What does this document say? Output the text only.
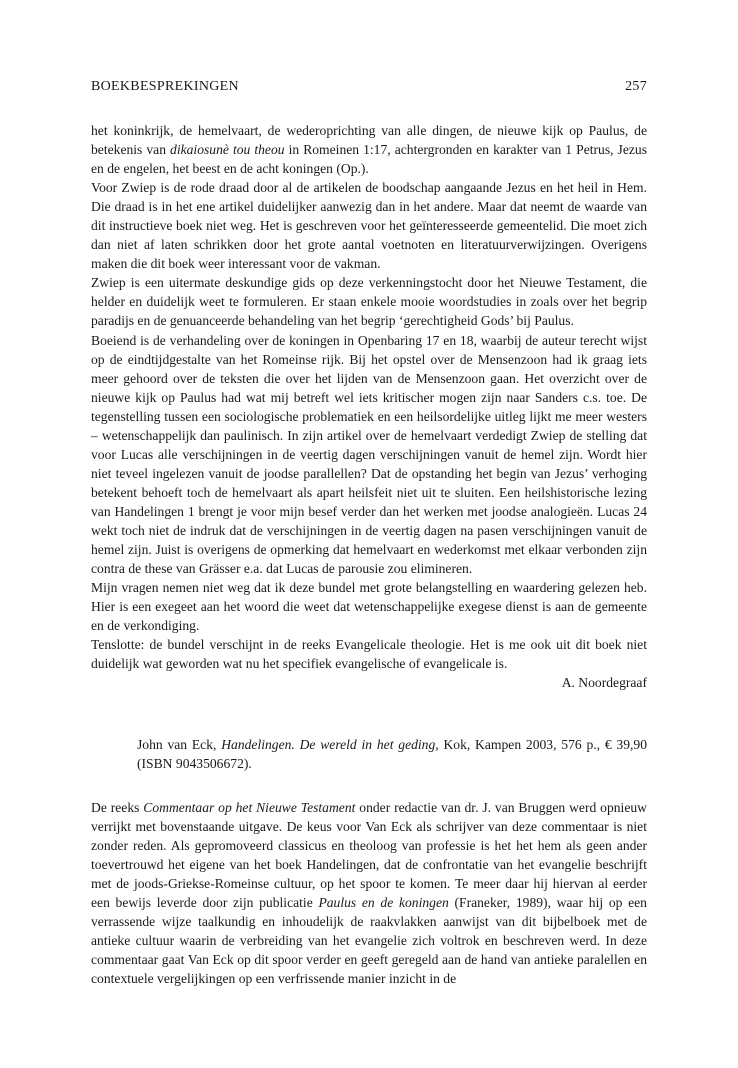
BOEKBESPREKINGEN	257

het koninkrijk, de hemelvaart, de wederoprichting van alle dingen, de nieuwe kijk op Paulus, de betekenis van dikaiosunè tou theou in Romeinen 1:17, achtergronden en karakter van 1 Petrus, Jezus en de engelen, het beest en de acht koningen (Op.).

Voor Zwiep is de rode draad door al de artikelen de boodschap aangaande Jezus en het heil in Hem. Die draad is in het ene artikel duidelijker aanwezig dan in het andere. Maar dat neemt de waarde van dit instructieve boek niet weg. Het is geschreven voor het geïnteresseerde gemeentelid. Die moet zich dan niet af laten schrikken door het grote aantal voetnoten en literatuurverwijzingen. Overigens maken die dit boek weer interessant voor de vakman.

Zwiep is een uitermate deskundige gids op deze verkenningstocht door het Nieuwe Testament, die helder en duidelijk weet te formuleren. Er staan enkele mooie woordstudies in zoals over het begrip paradijs en de genuanceerde behandeling van het begrip ‘gerechtigheid Gods’ bij Paulus.

Boeiend is de verhandeling over de koningen in Openbaring 17 en 18, waarbij de auteur terecht wijst op de eindtijdgestalte van het Romeinse rijk. Bij het opstel over de Mensenzoon had ik graag iets meer gehoord over de teksten die over het lijden van de Mensenzoon gaan. Het overzicht over de nieuwe kijk op Paulus had wat mij betreft wel iets kritischer mogen zijn naar Sanders c.s. toe. De tegenstelling tussen een sociologische problematiek en een heilsordelijke uitleg lijkt me meer westers – wetenschappelijk dan paulinisch. In zijn artikel over de hemelvaart verdedigt Zwiep de stelling dat voor Lucas alle verschijningen in de veertig dagen verschijningen vanuit de hemel zijn. Wordt hier niet teveel ingelezen vanuit de joodse parallellen? Dat de opstanding het begin van Jezus’ verhoging betekent behoeft toch de hemelvaart als apart heilsfeit niet uit te sluiten. Een heilshistorische lezing van Handelingen 1 brengt je voor mijn besef verder dan het werken met joodse analogieën. Lucas 24 wekt toch niet de indruk dat de verschijningen in de veertig dagen na pasen verschijningen vanuit de hemel zijn. Juist is overigens de opmerking dat hemelvaart en wederkomst met elkaar verbonden zijn contra de these van Grässer e.a. dat Lucas de parousie zou elimineren.

Mijn vragen nemen niet weg dat ik deze bundel met grote belangstelling en waardering gelezen heb. Hier is een exegeet aan het woord die weet dat wetenschappelijke exegese dienst is aan de gemeente en de verkondiging.

Tenslotte: de bundel verschijnt in de reeks Evangelicale theologie. Het is me ook uit dit boek niet duidelijk wat geworden wat nu het specifiek evangelische of evangelicale is.

A. Noordegraaf

John van Eck, Handelingen. De wereld in het geding, Kok, Kampen 2003, 576 p., € 39,90 (ISBN 9043506672).

De reeks Commentaar op het Nieuwe Testament onder redactie van dr. J. van Bruggen werd opnieuw verrijkt met bovenstaande uitgave. De keus voor Van Eck als schrijver van deze commentaar is niet zonder reden. Als gepromoveerd classicus en theoloog van professie is het het hem als geen ander toevertrouwd het eigene van het boek Handelingen, dat de confrontatie van het evangelie beschrijft met de joods-Griekse-Romeinse cultuur, op het spoor te komen. Te meer daar hij hiervan al eerder een bewijs leverde door zijn publicatie Paulus en de koningen (Franeker, 1989), waar hij op een verrassende wijze taalkundig en inhoudelijk de raakvlakken aanwijst van dit bijbelboek met de antieke cultuur waarin de verbreiding van het evangelie zich voltrok en beschreven werd. In deze commentaar gaat Van Eck op dit spoor verder en geeft geregeld aan de hand van antieke paralellen en contextuele vergelijkingen op een verfrissende manier inzicht in de
